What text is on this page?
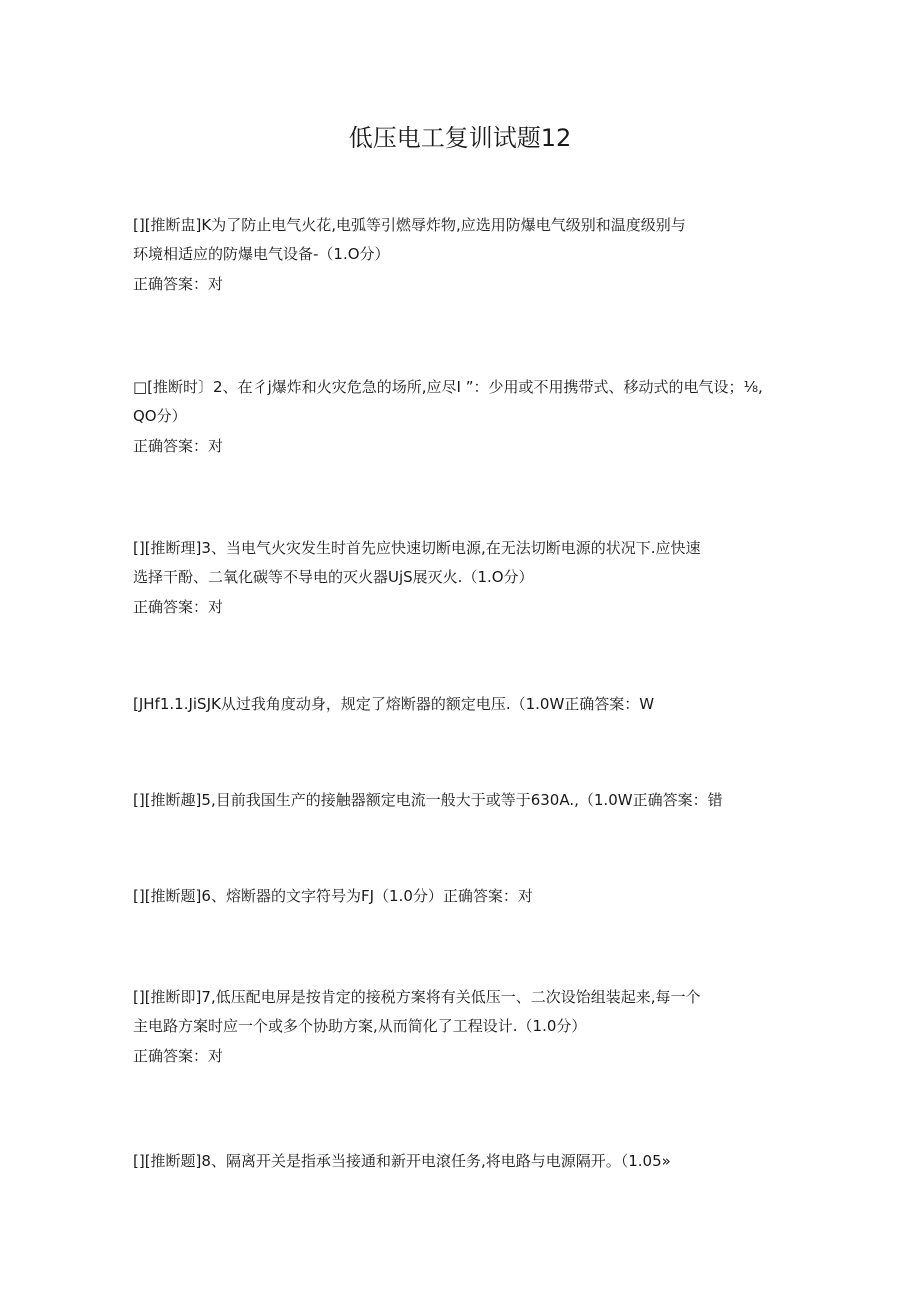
低压电工复训试题12

[][推断盅]K为了防止电气火花,电弧等引燃辱炸物,应选用防爆电气级别和温度级别与

环境相适应的防爆电气设备-（1.O分）

正确答案：对

□[推断时〕2、在彳j爆炸和火灾危急的场所,应尽I ”：少用或不用携带式、移动式的电气设；⅛,

QO分）

正确答案：对

[][推断理]3、当电气火灾发生时首先应快速切断电源,在无法切断电源的状况下.应快速

选择干酚、二氧化碳等不导电的灭火器UjS展灭火.（1.O分）

正确答案：对

[JHf1.1.JiSJK从过我角度动身，规定了熔断器的额定电压.（1.0W正确答案：W

[][推断趣]5,目前我国生产的接触器额定电流一般大于或等于630A.,（1.0W正确答案：错

[][推断题]6、熔断器的文字符号为FJ（1.0分）正确答案：对

[][推断即]7,低压配电屏是按肯定的接税方案将有关低压一、二次设饴组装起来,每一个

主电路方案时应一个或多个协助方案,从而简化了工程设计.（1.0分）

正确答案：对

[][推断题]8、隔离开关是指承当接通和新开电滾任务,将电路与电源隔开。（1.05»
